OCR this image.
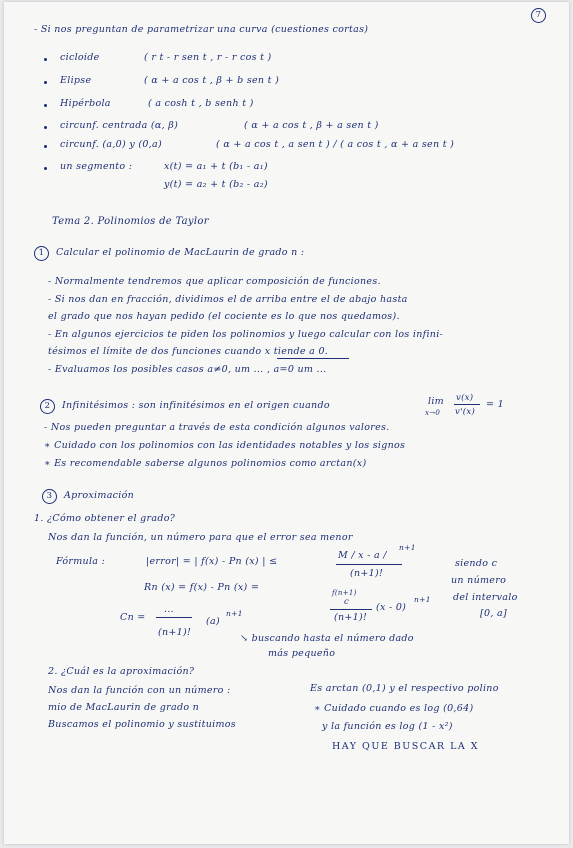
7
- Si nos preguntan de parametrizar una curva (cuestiones cortas)
cicloide	( r t - r sen t , r - r cos t )
Elipse	( α + a cos t , β + b sen t )
Hipérbola	( a cosh t , b senh t )
circunf. centrada (α, β)	( α + a cos t , β + a sen t )
circunf. (a,0) y (0,a)	( α + a cos t , a sen t ) / ( a cos t , α + a sen t )
un segmento :	x(t) = a₁ + t (b₁ - a₁)
y(t) = a₂ + t (b₂ - a₂)
Tema 2. Polinomios de Taylor
1	Calcular el polinomio de MacLaurin de grado n :
- Normalmente tendremos que aplicar composición de funciones.
- Si nos dan en fracción, dividimos el de arriba entre el de abajo hasta
el grado que nos hayan pedido (el cociente es lo que nos quedamos).
- En algunos ejercicios te piden los polinomios y luego calcular con los infini-
tésimos el límite de dos funciones cuando x tiende a 0.
- Evaluamos los posibles casos a≠0, um ... , a=0 um ...
2	Infinitésimos : son infinitésimos en el origen cuando	lim
x→0
v(x)
v'(x)
= 1
- Nos pueden preguntar a través de esta condición algunos valores.
∗ Cuidado con los polinomios con las identidades notables y los signos
∗ Es recomendable saberse algunos polinomios como arctan(x)
3	Aproximación
1. ¿Cómo obtener el grado?
Nos dan la función, un número para que el error sea menor
Fórmula :	|error| = | f(x) - Pn (x) | ≤
M / x - a /
n+1
(n+1)!
siendo c
un número
del intervalo
[0, a]
Rn (x) = f(x) - Pn (x) =	f(n+1)
c
(n+1)!
(x - 0)
n+1
Cn =
...
(n+1)!
(a)
n+1
↘ buscando hasta el número dado
más pequeño
2. ¿Cuál es la aproximación?
Nos dan la función con un número :
mio de MacLaurin de grado n
Buscamos el polinomio y sustituimos
Es arctan (0,1) y el respectivo polino
∗ Cuidado cuando es log (0,64)
y la función es log (1 - x²)
HAY QUE BUSCAR LA X
